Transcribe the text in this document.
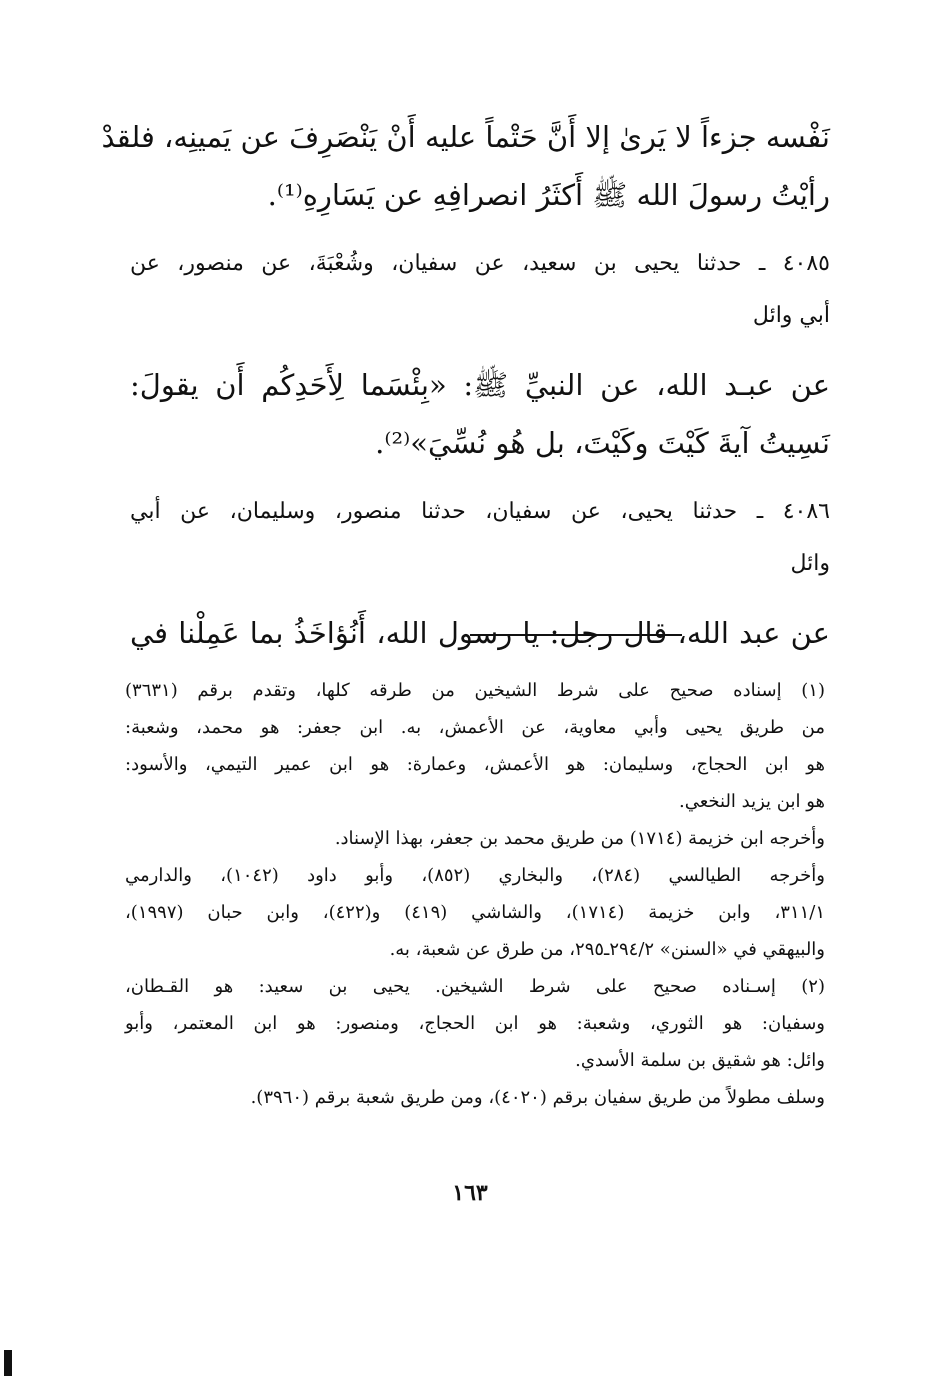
نَفْسه جزءاً لا يَرىٰ إلا أَنَّ حَتْماً عليه أَنْ يَنْصَرِفَ عن يَمينِه، فلقدْ
رأيْتُ رسولَ الله ﷺ أَكثَرُ انصرافِهِ عن يَسَارِهِ⁽¹⁾.
٤٠٨٥ ـ حدثنا يحيى بن سعيد، عن سفيان، وشُعْبَةَ، عن منصور، عن
أبي وائل
عن عبـد الله، عن النبيِّ ﷺ: «بِئْسَما لِأَحَدِكُم أَن يقولَ:
نَسِيتُ آيةَ كَيْتَ وكَيْتَ، بل هُو نُسِّيَ»⁽²⁾.
٤٠٨٦ ـ حدثنا يحيى، عن سفيان، حدثنا منصور، وسليمان، عن أبي
وائل
عن عبد الله، قال رجل: يا رسول الله، أَنُؤاخَذُ بما عَمِلْنا في
(١) إسناده صحيح على شرط الشيخين من طرقه كلها، وتقدم برقم (٣٦٣١)
من طريق يحيى وأبي معاوية، عن الأعمش، به. ابن جعفر: هو محمد، وشعبة:
هو ابن الحجاج، وسليمان: هو الأعمش، وعمارة: هو ابن عمير التيمي، والأسود:
هو ابن يزيد النخعي.
وأخرجه ابن خزيمة (١٧١٤) من طريق محمد بن جعفر، بهذا الإسناد.
وأخرجه الطيالسي (٢٨٤)، والبخاري (٨٥٢)، وأبو داود (١٠٤٢)، والدارمي
٣١١/١، وابن خزيمة (١٧١٤)، والشاشي (٤١٩) و(٤٢٢)، وابن حبان (١٩٩٧)،
والبيهقي في «السنن» ٢٩٤/٢ـ٢٩٥، من طرق عن شعبة، به.
(٢) إسـناده صحيح على شرط الشيخين. يحيى بن سعيد: هو القـطان،
وسفيان: هو الثوري، وشعبة: هو ابن الحجاج، ومنصور: هو ابن المعتمر، وأبو
وائل: هو شقيق بن سلمة الأسدي.
وسلف مطولاً من طريق سفيان برقم (٤٠٢٠)، ومن طريق شعبة برقم (٣٩٦٠).
١٦٣
